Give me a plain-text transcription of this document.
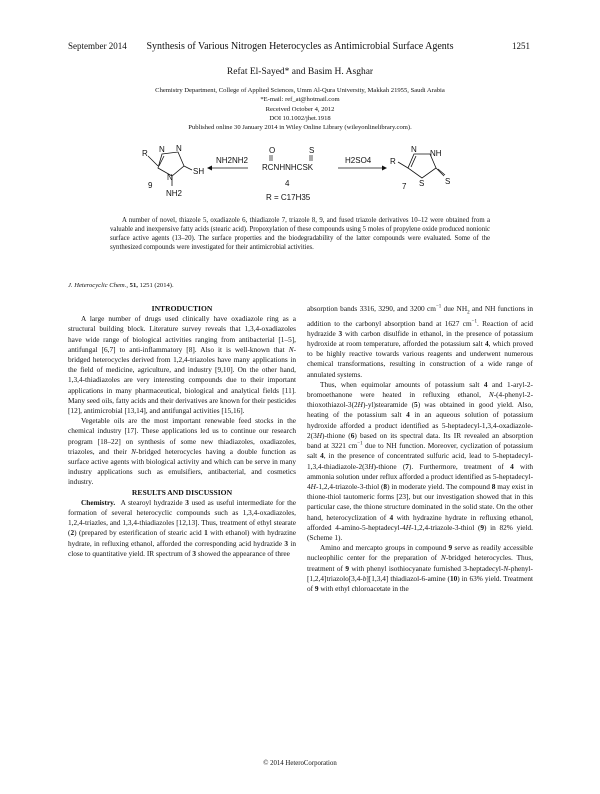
September 2014	Synthesis of Various Nitrogen Heterocycles as Antimicrobial Surface Agents	1251
Refat El-Sayed* and Basim H. Asghar
Chemistry Department, College of Applied Sciences, Umm Al-Qura University, Makkah 21955, Saudi Arabia
*E-mail: ref_at@hotmail.com
Received October 4, 2012
DOI 10.1002/jhet.1918
Published online 30 January 2014 in Wiley Online Library (wileyonlinelibrary.com).
R N N
N
SH
NH2
9
NH2NH2
O	S
RCNHNHCSK
4
R = C17H35
H2SO4 R
N NH
S	S
7
A number of novel, thiazole 5, oxadiazole 6, thiadiazole 7, triazole 8, 9, and fused triazole derivatives 10–12 were obtained from a valuable and inexpensive fatty acids (stearic acid). Propoxylation of these compounds using 5 moles of propylene oxide produced nonionic surface active agents (13–20). The surface properties and the biodegradability of the latter compounds were evaluated. Some of the synthesized compounds were investigated for their antimicrobial activities.
J. Heterocyclic Chem., 51, 1251 (2014).

INTRODUCTION

A large number of drugs used clinically have oxadiazole ring as a structural building block. Literature survey reveals that 1,3,4-oxadiazoles have wide range of biological activities ranging from antibacterial [1–5], antifungal [6,7] to anti-inflammatory [8]. Also it is well-known that N-bridged heterocycles derived from 1,2,4-triazoles have many applications in the field of medicine, agriculture, and industry [9,10]. On the other hand, 1,3,4-thiadiazoles are very interesting compounds due to their important applications in many pharmaceutical, biological and analytical fields [11]. Many seed oils, fatty acids and their derivatives are known for their pesticides [12], antimicrobial [13,14], and antifungal activities [15,16].

Vegetable oils are the most important renewable feed stocks in the chemical industry [17]. These applications led us to continue our research program [18–22] on synthesis of some new thiadiazoles, oxadiazoles, triazoles, and their N-bridged heterocycles having a double function as surface active agents with biological activity and which can be serve in many industry applications such as emulsifiers, antibacterial, and cosmetics industry.

RESULTS AND DISCUSSION

Chemistry.  A stearoyl hydrazide 3 used as useful intermediate for the formation of several heterocyclic compounds such as 1,3,4-oxadiazoles, 1,2,4-triazles, and 1,3,4-thiadiazoles [12,13]. Thus, treatment of ethyl stearate (2) (prepared by esterification of stearic acid 1 with ethanol) with hydrazine hydrate, in refluxing ethanol, afforded the corresponding acid hydrazide 3 in close to quantitative yield. IR spectrum of 3 showed the appearance of three

absorption bands 3316, 3290, and 3200 $cm^{-1}$ due $NH_2$ and NH functions in addition to the carbonyl absorption band at 1627 $cm^{-1}$. Reaction of acid hydrazide 3 with carbon disulfide in ethanol, in the presence of potassium hydroxide at room temperature, afforded the potassium salt 4, which proved to be highly reactive towards various reagents and underwent numerous chemical transformations, resulting in construction of a wide range of annulated systems.

Thus, when equimolar amounts of potassium salt 4 and 1-aryl-2-bromoethanone were heated in refluxing ethanol, N-(4-phenyl-2-thioxothiazol-3(2H)-yl)stearamide (5) was obtained in good yield. Also, heating of the potassium salt 4 in an aqueous solution of potassium hydroxide afforded a product identified as 5-heptadecyl-1,3,4-oxadiazole-2(3H)-thione (6) based on its spectral data. Its IR revealed an absorption band at 3221 $cm^{-1}$ due to NH function. Moreover, cyclization of potassium salt 4, in the presence of concentrated sulfuric acid, lead to 5-heptadecyl-1,3,4-thiadiazole-2(3H)-thione (7). Furthermore, treatment of 4 with ammonia solution under reflux afforded a product identified as 5-heptadecyl-4H-1,2,4-triazole-3-thiol (8) in moderate yield. The compound 8 may exist in thione-thiol tautomeric forms [23], but our investigation showed that in this particular case, the thione structure dominated in the solid state. On the other hand, heterocyclization of 4 with hydrazine hydrate in refluxing ethanol, afforded 4-amino-5-heptadecyl-4H-1,2,4-triazole-3-thiol (9) in 82% yield. (Scheme 1).

Amino and mercapto groups in compound 9 serve as readily accessible nucleophilic center for the preparation of N-bridged heterocycles. Thus, treatment of 9 with phenyl isothiocyanate furnished 3-heptadecyl-N-phenyl-[1,2,4]triazolo[3,4-b][1,3,4] thiadiazol-6-amine (10) in 63% yield. Treatment of 9 with ethyl chloroacetate in the

© 2014 HeteroCorporation
